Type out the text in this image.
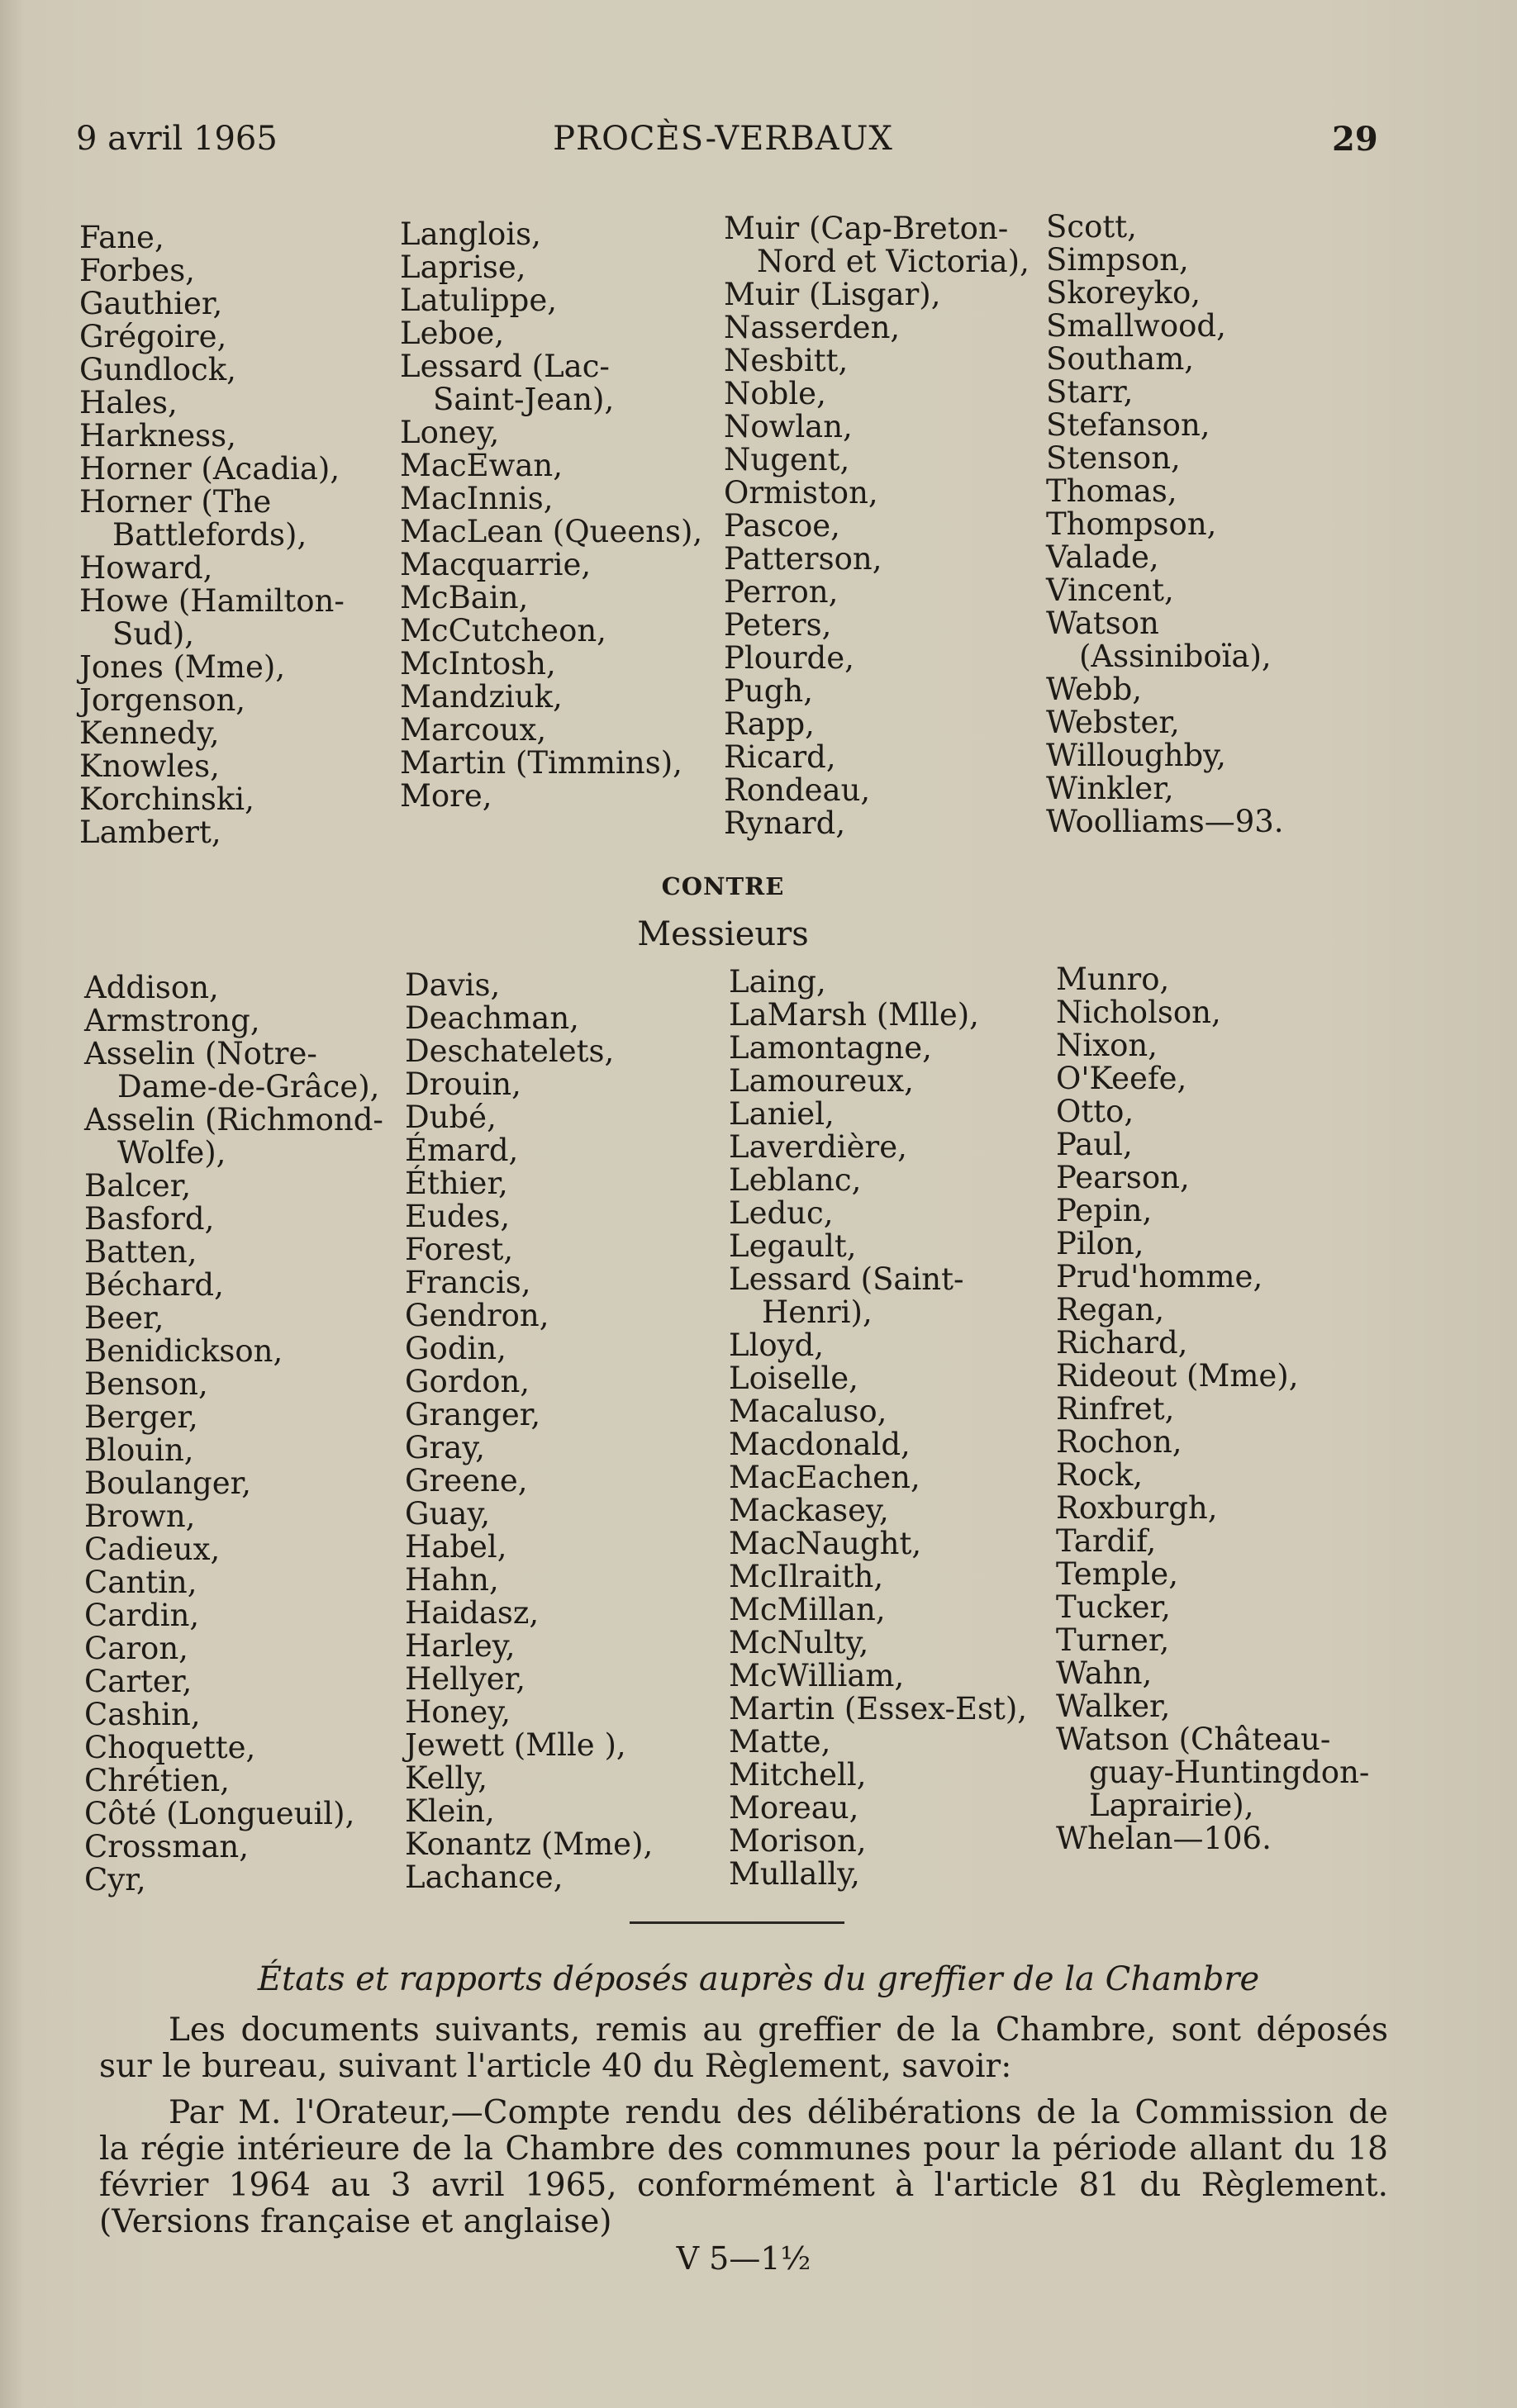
9 avril 1965	PROCÈS-VERBAUX	29
Fane,
Forbes,
Gauthier,
Grégoire,
Gundlock,
Hales,
Harkness,
Horner (Acadia),
Horner (The
Battlefords),
Howard,
Howe (Hamilton-
Sud),
Jones (Mme),
Jorgenson,
Kennedy,
Knowles,
Korchinski,
Lambert,
Langlois,
Laprise,
Latulippe,
Leboe,
Lessard (Lac-
Saint-Jean),
Loney,
MacEwan,
MacInnis,
MacLean (Queens),
Macquarrie,
McBain,
McCutcheon,
McIntosh,
Mandziuk,
Marcoux,
Martin (Timmins),
More,
Muir (Cap-Breton-
Nord et Victoria),
Muir (Lisgar),
Nasserden,
Nesbitt,
Noble,
Nowlan,
Nugent,
Ormiston,
Pascoe,
Patterson,
Perron,
Peters,
Plourde,
Pugh,
Rapp,
Ricard,
Rondeau,
Rynard,
Scott,
Simpson,
Skoreyko,
Smallwood,
Southam,
Starr,
Stefanson,
Stenson,
Thomas,
Thompson,
Valade,
Vincent,
Watson
(Assiniboïa),
Webb,
Webster,
Willoughby,
Winkler,
Woolliams—93.
CONTRE
Messieurs
Addison,
Armstrong,
Asselin (Notre-
Dame-de-Grâce),
Asselin (Richmond-
Wolfe),
Balcer,
Basford,
Batten,
Béchard,
Beer,
Benidickson,
Benson,
Berger,
Blouin,
Boulanger,
Brown,
Cadieux,
Cantin,
Cardin,
Caron,
Carter,
Cashin,
Choquette,
Chrétien,
Côté (Longueuil),
Crossman,
Cyr,
Davis,
Deachman,
Deschatelets,
Drouin,
Dubé,
Émard,
Éthier,
Eudes,
Forest,
Francis,
Gendron,
Godin,
Gordon,
Granger,
Gray,
Greene,
Guay,
Habel,
Hahn,
Haidasz,
Harley,
Hellyer,
Honey,
Jewett (Mlle ),
Kelly,
Klein,
Konantz (Mme),
Lachance,
Laing,
LaMarsh (Mlle),
Lamontagne,
Lamoureux,
Laniel,
Laverdière,
Leblanc,
Leduc,
Legault,
Lessard (Saint-
Henri),
Lloyd,
Loiselle,
Macaluso,
Macdonald,
MacEachen,
Mackasey,
MacNaught,
McIlraith,
McMillan,
McNulty,
McWilliam,
Martin (Essex-Est),
Matte,
Mitchell,
Moreau,
Morison,
Mullally,
Munro,
Nicholson,
Nixon,
O'Keefe,
Otto,
Paul,
Pearson,
Pepin,
Pilon,
Prud'homme,
Regan,
Richard,
Rideout (Mme),
Rinfret,
Rochon,
Rock,
Roxburgh,
Tardif,
Temple,
Tucker,
Turner,
Wahn,
Walker,
Watson (Château-
guay-Huntingdon-
Laprairie),
Whelan—106.
États et rapports déposés auprès du greffier de la Chambre
Les documents suivants, remis au greffier de la Chambre, sont déposés sur le bureau, suivant l'article 40 du Règlement, savoir:
Par M. l'Orateur,—Compte rendu des délibérations de la Commission de la régie intérieure de la Chambre des communes pour la période allant du 18 février 1964 au 3 avril 1965, conformément à l'article 81 du Règlement. (Versions française et anglaise)
V 5—1½
